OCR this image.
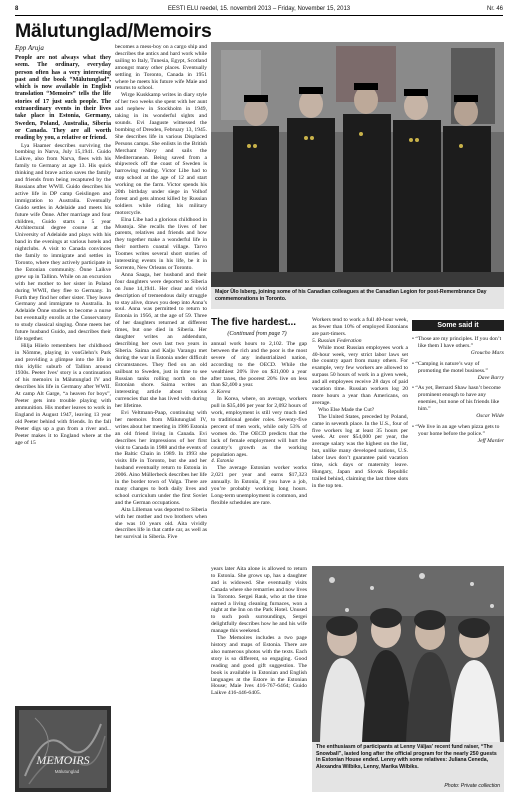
8	EESTI ELU reedel, 15. novembril 2013 – Friday, November 15, 2013	Nr. 46
Mälutunglad/Memoirs
Epp Aruja

People are not always what they seem. The ordinary, everyday person often has a very interesting past and the book “Mälutunglad”, which is now available in English translation “Memoirs” tells the life stories of 17 just such people. The extraordinary events in their lives take place in Estonia, Germany, Sweden, Poland, Australia, Siberia or Canada. They are all worth reading by you, a relative or friend.

Lya Haamer describes surviving the bombing in Narva, July 15,1941. Guido Laikve, also from Narva, flees with his family to Germany at age 13. His quick thinking and brave action saves the family and friends from being recaptured by the Russians after WWII. Guido describes his active life in DP camp Geislingen and immigration to Australia. Eventually Guido settles in Adelaide and meets his future wife Õnne. After marriage and four children, Guido starts a 5 year Architectural degree course at the University of Adelaide and plays with his band in the evenings at various hotels and nightclubs. A visit to Canada convinces the family to immigrate and settles in Toronto, where they actively participate in the Estonian community. Õnne Laikve grew up in Tallinn. While on an excursion with her mother to her sister in Poland during WWII, they flee to Germany. In Furth they find her other sister. They leave Germany and immigrate to Australia. In Adelaide Õnne studies to become a nurse but eventually enrolls at the Conservatory to study classical singing. Õnne meets her future husband Guido, and describes their life together.

Hilja Hiielo remembers her childhood in Nõmme, playing in vonGlehn’s Park and providing a glimpse into the life in this idyllic suburb of Tallinn around 1930s. Peeter Ives’ story is a continuation of his memoirs in Mälutunglad IV and describes his life in Germany after WWII. At camp Alt Garge, “a heaven for boys”, Peeter gets into trouble playing with ammunition. His mother leaves to work in England in August 1947, leaving 13 year old Peeter behind with friends. In the fall Peeter digs up a gun from a river and... Peeter makes it to England where at the age of 15

MEMOIRS
Mälutunglad

becomes a mess-boy on a cargo ship and describes the antics and hard work while sailing to Italy, Tunesia, Egypt, Scotland amongst many other places. Eventually settling in Toronto, Canada in 1951 where he meets his future wife Maie and returns to school.

Wirge Kuskkamp writes in diary style of her two weeks she spent with her aunt and nephew in Stockholm in 1949, taking in its wonderful sights and sounds. Evi Jaaguste witnessed the bombing of Dresden, February 13, 1945. She describes life in various Displaced Persons camps. She enlists in the British Merchant Navy and sails the Mediterranean. Being saved from a shipwreck off the coast of Sweden is harrowing reading. Victor Libe had to stop school at the age of 12 and start working on the farm. Victor spends his 20th birthday under siege in Volhof forest and gets almost killed by Russian soldiers while riding his military motorcycle.

Elna Libe had a glorious childhood in Mustoja. She recalls the lives of her parents, relatives and friends and how they together make a wonderful life in their northern coastal village. Tarvo Toomes writes several short stories of interesting events in his life, be it in Sorrento, New Orleans or Toronto.

Anna Saaga, her husband and their four daughters were deported to Siberia on June 14,1941. Her clear and vivid description of tremendous daily struggle to stay alive, draws you deep into Anna’s soul. Anna was permitted to return to Estonia in 1956, at the age of 59. Three of her daughters returned at different times, but one died in Siberia. Her daughter writes an addendum, describing her own last two years in Siberia. Saima and Kalju Varangu met during the war in Estonia under difficult circumstances. They fled on an old sailboat to Sweden, just in time to see Russian tanks rolling north on the Estonian shore. Saima writes an interesting article about various currencies that she has lived with during her lifetime.

Evi Veltmann-Paap, continuing with her memoirs from Mälutunglad IV, writes about her meeting in 1986 Estonia an old friend living in Canada. Evi describes her impressions of her first visit to Canada in 1988 and the events of the Baltic Chain in 1989. In 1993 she visits life in Toronto, but she and her husband eventually return to Estonia in 2006. Aino Müllerbeck describes her life in the border town of Valga. There are many changes to both daily lives and school curriculum under the first Soviet and the German occupations.

Aita Lilleman was deported to Siberia with her mother and two brothers when she was 10 years old. Aita vividly describes life in that cattle car, as well as her survival in Siberia. Five

Major Ülo Isberg, joining some of his Canadian colleagues at the Canadian Legion for post-Remembrance Day commemorations in Toronto.
The five hardest...
(Continued from page 7)

annual work hours to 2,102. The gap between the rich and the poor is the most severe of any industrialized nation, according to the OECD. While the wealthiest 20% live on $31,000 a year after taxes, the poorest 20% live on less than $2,400 a year.

3. Korea

In Korea, where, on average, workers pull in $35,406 per year for 2,092 hours of work, employment is still very much tied to traditional gender roles. Seventy-five percent of men work, while only 53% of women do. The OECD predicts that the lack of female employment will hurt the country’s growth as the working population ages.

4. Estonia

The average Estonian worker works 2,021 per year and earns $17,323 annually. In Estonia, if you have a job, you’re probably working long hours. Long-term unemployment is common, and flexible schedules are rare.

Workers tend to work a full 40-hour week, as fewer than 10% of employed Estonians are part-timers.

5. Russian Federation

While most Russian employees work a 40-hour week, very strict labor laws set the country apart from many others. For example, very few workers are allowed to surpass 50 hours of work in a given week, and all employees receive 28 days of paid vacation time. Russian workers log 20 more hours a year than Americans, on average.

Who Else Made the Cut?

The United States, preceded by Poland, came in seventh place. In the U.S., four of five workers log at least 35 hours per week. At over $54,000 per year, the average salary was the highest on the list, but, unlike many developed nations, U.S. labor laws don’t guarantee paid vacation time, sick days or maternity leave. Hungary, Japan and Slovak Republic trailed behind, claiming the last three slots in the top ten.

Some said it
• “Those are my principles. If you don’t like them I have others.”
Groucho Marx
• “Camping is nature’s way of promoting the motel business.”
Dave Barry
• “As yet, Bernard Shaw hasn’t become prominent enough to have any enemies, but none of his friends like him.”
Oscar Wilde
• “We live in an age when pizza gets to your home before the police.”
Jeff Marder

years later Aita alone is allowed to return to Estonia. She grows up, has a daughter and is widowed. She eventually visits Canada where she remarries and now lives in Toronto. Sergei Rauk, who at the time earned a living cleaning furnaces, won a night at the Inn on the Park Hotel. Unused to such posh surroundings, Sergei delightfully describes how he and his wife manage this weekend.

The Memoires includes a two page history and maps of Estonia. There are also numerous photos with the texts. Each story is so different, so engaging. Good reading and good gift suggestion. The book is available in Estonian and English languages at the Estore in the Estonian House; Maie Ives 416-767-6464; Guido Laikve 416-446-6405.

The enthusiasm of participants at Lenny Väljas’ recent fund raiser, “The Snowball”, lasted long after the official program for the nearly 250 guests in Estonian House ended. Lenny with some relatives: Juliana Ceneda, Alexandra Wilbiks, Lenny, Marika Wilbiks.
Photo: Private collection
